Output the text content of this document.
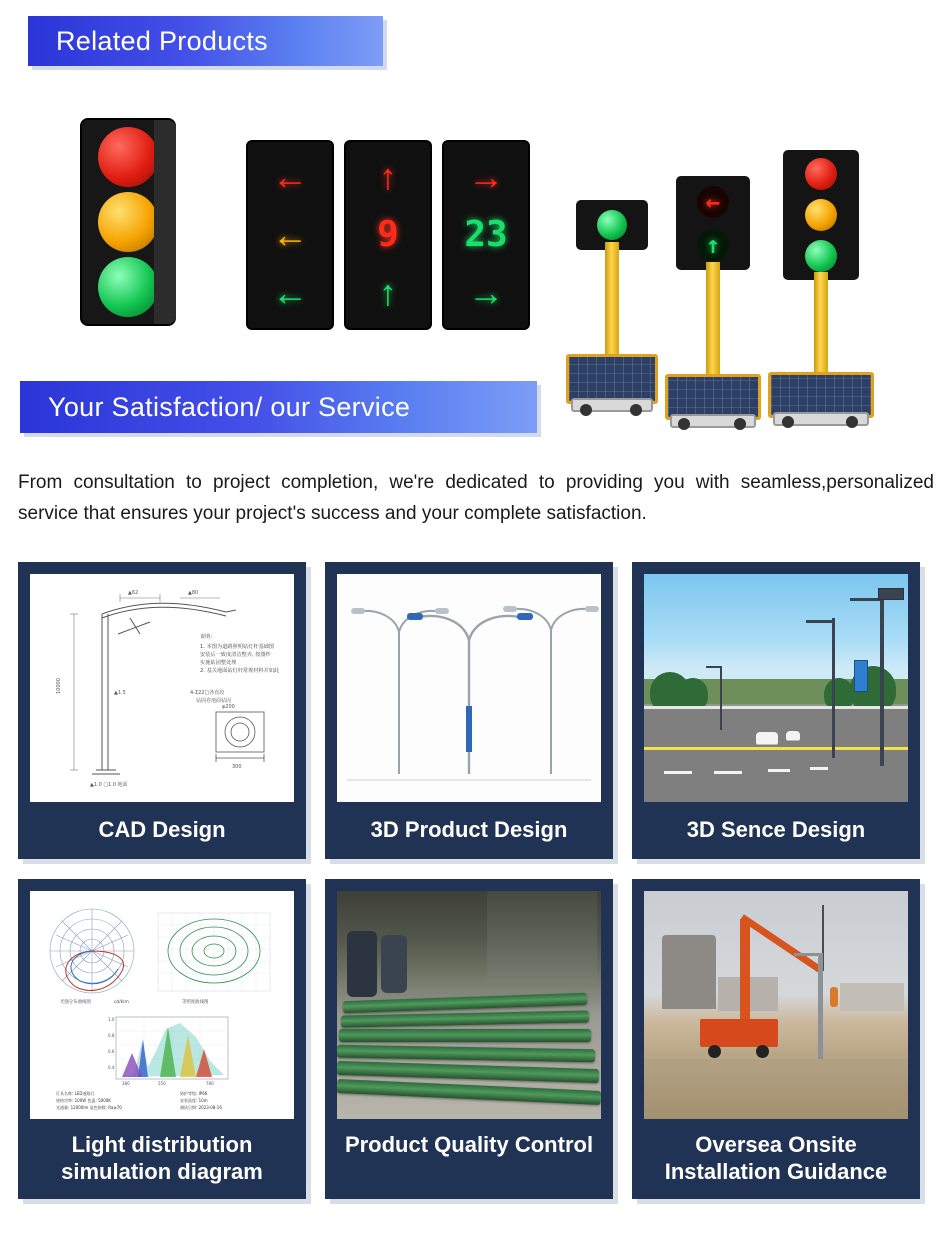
Related Products
←
←
←
↑
9
↑
→
23
→
←
↑
Your Satisfaction/ our Service

From consultation to project completion, we're dedicated to providing you with seamless,personalized service that ensures your project's success and your complete satisfaction.

▲62	▲80
10000	▲1.5
说明:
1. 本图为道路照明钻灯杆基础图
安装后一致度清洁整齐, 按图纱
实施钻固整处理
2. 基关地面钻灯杆常规材料并如此
4-Σ22□各直段
钻固卷地面钻固
φ200
300
▲1.0 □1.0 地面
CAD Design	3D Product Design	3D Sence Design
光强分布曲线图	cd/klm	等照度曲线图
1.0
0.8
0.6
0.4
380	550	780
灯具名称: LED道路灯
规格功率: 100W 色温: 5000K
光通量: 12000lm 显色指数: Ra≥70
防护等级: IP66
安装高度: 10m
测试日期: 2023-08-16
Light distribution simulation diagram
Product Quality Control	Oversea Onsite Installation Guidance
